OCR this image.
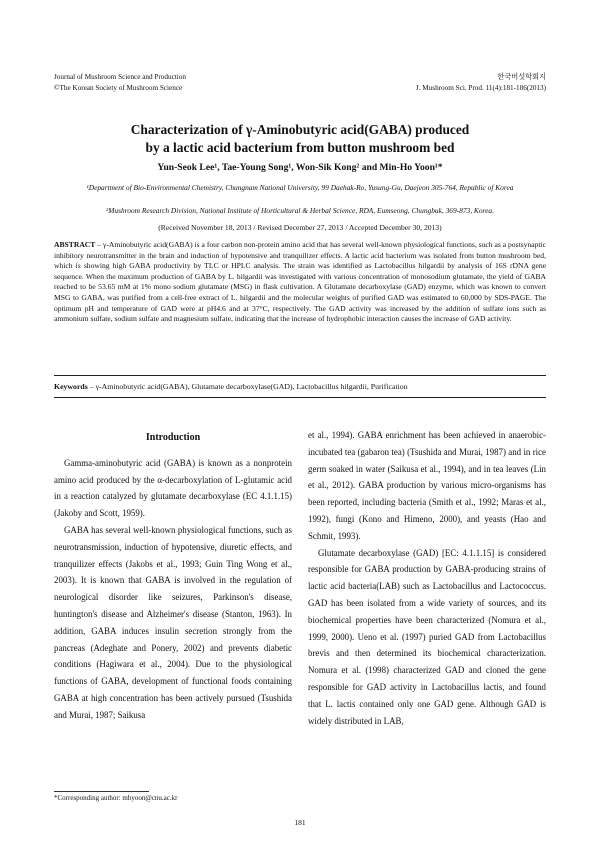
Journal of Mushroom Science and Production
©The Korean Society of Mushroom Science
한국버섯학회지
J. Mushroom Sci. Prod. 11(4):181-186(2013)
Characterization of γ-Aminobutyric acid(GABA) produced
by a lactic acid bacterium from button mushroom bed
Yun-Seok Lee¹, Tae-Young Song¹, Won-Sik Kong² and Min-Ho Yoon¹*
¹Department of Bio-Environmental Chemistry, Chungnam National University, 99 Daehak-Ro, Yusung-Gu, Daejeon 305-764, Republic of Korea
²Mushroom Research Division, National Institute of Horticultural & Herbal Science, RDA, Eumseong, Chungbuk, 369-873, Korea.
(Received November 18, 2013 / Revised December 27, 2013 / Accepted December 30, 2013)
ABSTRACT – γ-Aminobutyric acid(GABA) is a four carbon non-protein amino acid that has several well-known physiological functions, such as a postsynaptic inhibitory neurotransmitter in the brain and induction of hypotensive and tranquilizer effects. A lactic acid bacterium was isolated from button mushroom bed, which is showing high GABA productivity by TLC or HPLC analysis. The strain was identified as Lactobacillus hilgardii by analysis of 16S rDNA gene sequence. When the maximum production of GABA by L. hilgardii was investigated with various concentration of monosodium glutamate, the yield of GABA reached to be 53.65 mM at 1% mono sodium glutamate (MSG) in flask cultivation. A Glutamate decarboxylase (GAD) enzyme, which was known to convert MSG to GABA, was purified from a cell-free extract of L. hilgardii and the molecular weights of purified GAD was estimated to 60,000 by SDS-PAGE. The optimum pH and temperature of GAD were at pH4.6 and at 37°C, respectively. The GAD activity was increased by the addition of sulfate ions such as ammonium sulfate, sodium sulfate and magnesium sulfate, indicating that the increase of hydrophobic interaction causes the increase of GAD activity.
Keywords – γ-Aminobutyric acid(GABA), Glutamate decarboxylase(GAD), Lactobacillus hilgardii, Purification
Introduction

Gamma-aminobutyric acid (GABA) is known as a nonprotein amino acid produced by the α-decarboxylation of L-glutamic acid in a reaction catalyzed by glutamate decarboxylase (EC 4.1.1.15) (Jakoby and Scott, 1959).

GABA has several well-known physiological functions, such as neurotransmission, induction of hypotensive, diuretic effects, and tranquilizer effects (Jakobs et al., 1993; Guin Ting Wong et al., 2003). It is known that GABA is involved in the regulation of neurological disorder like seizures, Parkinson's disease, huntington's disease and Alzheimer's disease (Stanton, 1963). In addition, GABA induces insulin secretion strongly from the pancreas (Adeghate and Ponery, 2002) and prevents diabetic conditions (Hagiwara et al., 2004). Due to the physiological functions of GABA, development of functional foods containing GABA at high concentration has been actively pursued (Tsushida and Murai, 1987; Saikusa

et al., 1994). GABA enrichment has been achieved in anaerobic-incubated tea (gabaron tea) (Tsushida and Murai, 1987) and in rice germ soaked in water (Saikusa et al., 1994), and in tea leaves (Lin et al., 2012). GABA production by various micro-organisms has been reported, including bacteria (Smith et al., 1992; Maras et al., 1992), fungi (Kono and Himeno, 2000), and yeasts (Hao and Schmit, 1993).

Glutamate decarboxylase (GAD) [EC: 4.1.1.15] is considered responsible for GABA production by GABA-producing strains of lactic acid bacteria(LAB) such as Lactobacillus and Lactococcus. GAD has been isolated from a wide variety of sources, and its biochemical properties have been characterized (Nomura et al., 1999, 2000). Ueno et al. (1997) puried GAD from Lactobacillus brevis and then determined its biochemical characterization. Nomura et al. (1998) characterized GAD and cloned the gene responsible for GAD activity in Lactobacillus lactis, and found that L. lactis contained only one GAD gene. Although GAD is widely distributed in LAB,

*Corresponding author: mhyoon@cnu.ac.kr
181
